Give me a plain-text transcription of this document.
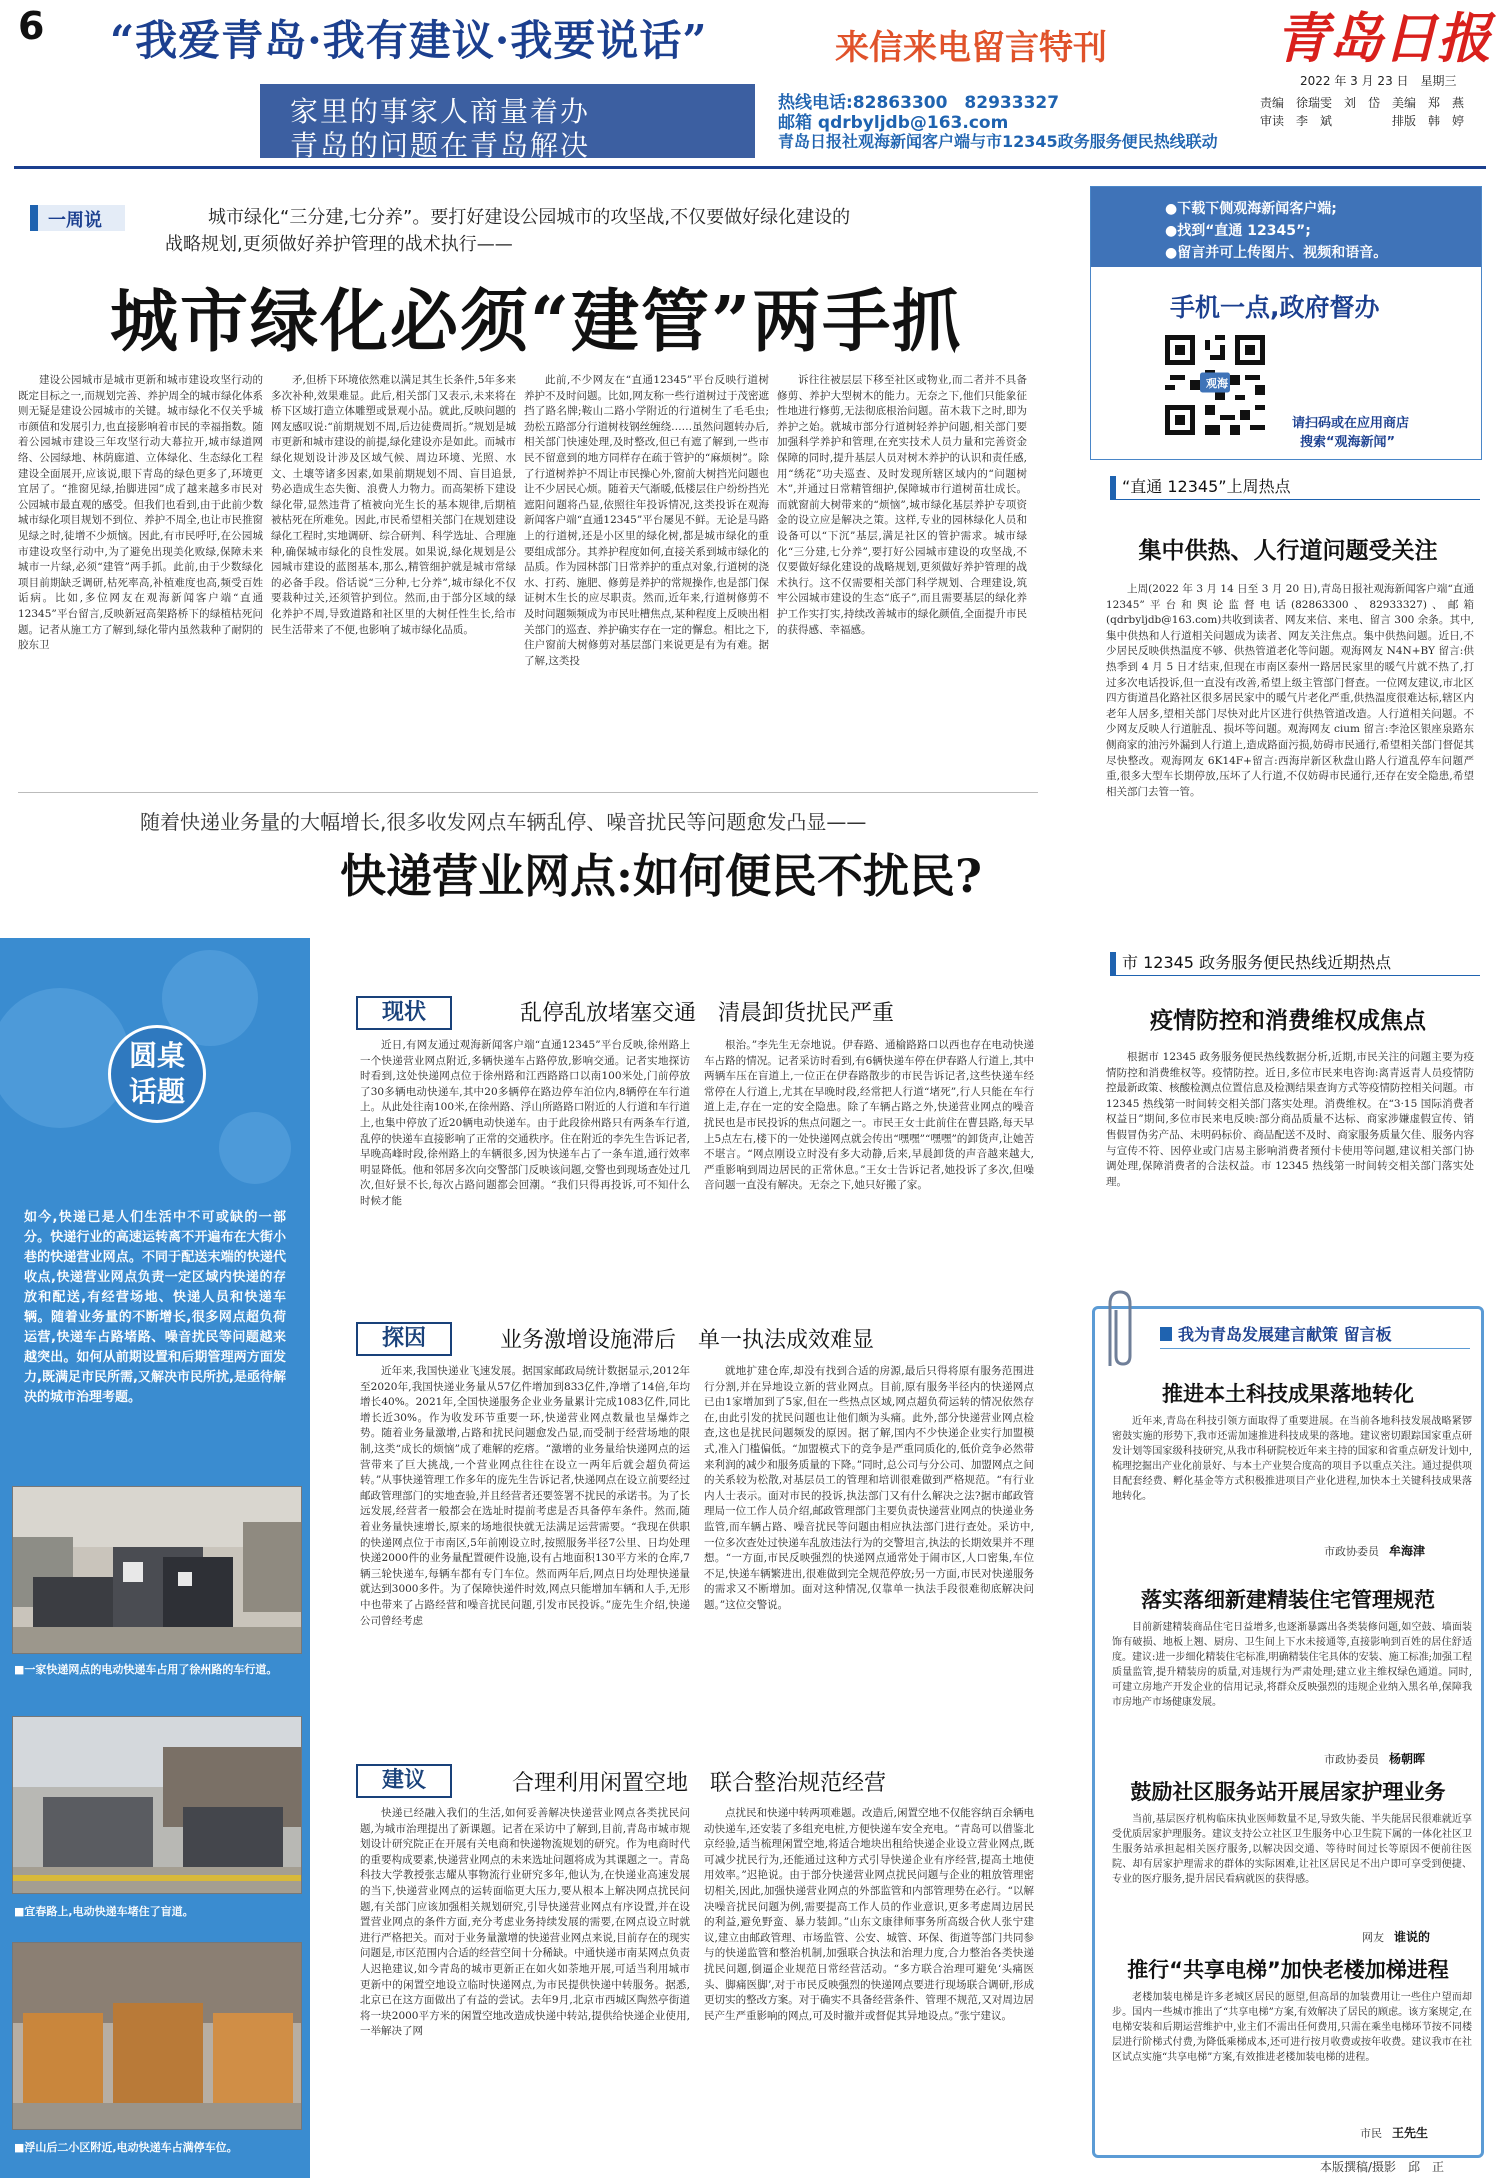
6 “我爱青岛·我有建议·我要说话”	来信来电留言特刊	青岛日报
2022 年 3 月 23 日　星期三
责编　徐瑞雯　刘　岱　美编　郑　燕
审读　李　斌　　　　　排版　韩　婷
家里的事家人商量着办
青岛的问题在青岛解决
热线电话:82863300　82933327
邮箱 qdrbyljdb@163.com
青岛日报社观海新闻客户端与市12345政务服务便民热线联动
一周说	城市绿化“三分建,七分养”。要打好建设公园城市的攻坚战,不仅要做好绿化建设的
战略规划,更须做好养护管理的战术执行——
城市绿化必须“建管”两手抓

建设公园城市是城市更新和城市建设攻坚行动的既定目标之一,而规划完善、养护周全的城市绿化体系则无疑是建设公园城市的关键。城市绿化不仅关乎城市颜值和发展引力,也直接影响着市民的幸福指数。随着公园城市建设三年攻坚行动大幕拉开,城市绿道网络、公园绿地、林荫廊道、立体绿化、生态绿化工程建设全面展开,应该说,眼下青岛的绿色更多了,环境更宜居了。“推窗见绿,抬脚进园”成了越来越多市民对公园城市最直观的感受。但我们也看到,由于此前少数城市绿化项目规划不到位、养护不周全,也让市民推窗见绿之时,徒增不少烦恼。因此,有市民呼吁,在公园城市建设攻坚行动中,为了避免出现美化败绿,保障未来城市一片绿,必须“建管”两手抓。此前,由于少数绿化项目前期缺乏调研,枯死率高,补植难度也高,频受百姓诟病。比如,多位网友在观海新闻客户端“直通12345”平台留言,反映新冠高架路桥下的绿植枯死问题。记者从施工方了解到,绿化带内虽然栽种了耐阴的胶东卫

矛,但桥下环境依然难以满足其生长条件,5年多来多次补种,效果难显。此后,相关部门又表示,未来将在桥下区域打造立体雕塑或景观小品。就此,反映问题的网友感叹说:“前期规划不周,后边徒费周折。”规划是城市更新和城市建设的前提,绿化建设亦是如此。而城市绿化规划设计涉及区域气候、周边环境、光照、水文、土壤等诸多因素,如果前期规划不周、盲目追景,势必造成生态失衡、浪费人力物力。而高架桥下建设绿化带,显然违背了植被向光生长的基本规律,后期植被枯死在所难免。因此,市民希望相关部门在规划建设绿化工程时,实地调研、综合研判、科学选址、合理施种,确保城市绿化的良性发展。如果说,绿化规划是公园城市建设的蓝图基本,那么,精管细护就是城市常绿的必备手段。俗话说“三分种,七分养”,城市绿化不仅要栽种过关,还须管护到位。然而,由于部分区域的绿化养护不周,导致道路和社区里的大树任性生长,给市民生活带来了不便,也影响了城市绿化品质。

此前,不少网友在“直通12345”平台反映行道树养护不及时问题。比如,网友称一些行道树过于茂密遮挡了路名牌;鞍山二路小学附近的行道树生了毛毛虫;劲松五路部分行道树枝钢丝缠绕……虽然问题转办后,相关部门快速处理,及时整改,但已有遮了解到,一些市民不留意到的地方同样存在疏于管护的“麻烦树”。除了行道树养护不周让市民操心外,窗前大树挡光问题也让不少居民心烦。随着天气渐暖,低楼层住户纷纷挡光遮阳问题将凸显,依照往年投诉情况,这类投诉在观海新闻客户端“直通12345”平台屡见不鲜。无论是马路上的行道树,还是小区里的绿化树,都是城市绿化的重要组成部分。其养护程度如何,直接关系到城市绿化的品质。作为园林部门日常养护的重点对象,行道树的浇水、打药、施肥、修剪是养护的常规操作,也是部门保证树木生长的应尽职责。然而,近年来,行道树修剪不及时问题频频成为市民吐槽焦点,某种程度上反映出相关部门的巡查、养护确实存在一定的懈怠。相比之下,住户窗前大树修剪对基层部门来说更是有为有难。据了解,这类投

诉往往被层层下移至社区或物业,而二者并不具备修剪、养护大型树木的能力。无奈之下,他们只能象征性地进行修剪,无法彻底根治问题。苗木栽下之时,即为养护之始。就城市部分行道树轻养护问题,相关部门要加强科学养护和管理,在充实技术人员力量和完善资金保障的同时,提升基层人员对树木养护的认识和责任感,用“绣花”功夫巡查、及时发现所辖区域内的“问题树木”,并通过日常精管细护,保障城市行道树苗壮成长。而就窗前大树带来的“烦恼”,城市绿化基层养护专项资金的设立应是解决之策。这样,专业的园林绿化人员和设备可以“下沉”基层,满足社区的管护需求。城市绿化“三分建,七分养”,要打好公园城市建设的攻坚战,不仅要做好绿化建设的战略规划,更须做好养护管理的战术执行。这不仅需要相关部门科学规划、合理建设,筑牢公园城市建设的生态“底子”,而且需要基层的绿化养护工作实打实,持续改善城市的绿化颜值,全面提升市民的获得感、幸福感。

●下载下侧观海新闻客户端;
●找到“直通 12345”;
●留言并可上传图片、视频和语音。
手机一点,政府督办
观海
请扫码或在应用商店
搜索“观海新闻”
“直通 12345”上周热点
集中供热、人行道问题受关注

上周(2022 年 3 月 14 日至 3 月 20 日),青岛日报社观海新闻客户端“直通 12345”平台和舆论监督电话(82863300、82933327)、邮箱(qdrbyljdb@163.com)共收到读者、网友来信、来电、留言 300 余条。其中,集中供热和人行道相关问题成为读者、网友关注焦点。集中供热问题。近日,不少居民反映供热温度不够、供热管道老化等问题。观海网友 N4N+BY 留言:供热季到 4 月 5 日才结束,但现在市南区泰州一路居民家里的暖气片就不热了,打过多次电话投诉,但一直没有改善,希望上级主管部门督查。一位网友建议,市北区四方街道昌化路社区很多居民家中的暖气片老化严重,供热温度很难达标,辖区内老年人居多,望相关部门尽快对此片区进行供热管道改造。人行道相关问题。不少网友反映人行道脏乱、损坏等问题。观海网友 cium 留言:李沧区银座泉路东侧商家的油污外漏到人行道上,造成路面污损,妨碍市民通行,希望相关部门督促其尽快整改。观海网友 6K14F+留言:西海岸新区秋盘山路人行道乱停车问题严重,很多大型车长期停放,压坏了人行道,不仅妨碍市民通行,还存在安全隐患,希望相关部门去管一管。

市 12345 政务服务便民热线近期热点
疫情防控和消费维权成焦点

根据市 12345 政务服务便民热线数据分析,近期,市民关注的问题主要为疫情防控和消费维权等。疫情防控。近日,多位市民来电咨询:离青返青人员疫情防控最新政策、核酸检测点位置信息及检测结果查询方式等疫情防控相关问题。市 12345 热线第一时间转交相关部门落实处理。消费维权。在“3·15 国际消费者权益日”期间,多位市民来电反映:部分商品质量不达标、商家涉嫌虚假宣传、销售假冒伪劣产品、未明码标价、商品配送不及时、商家服务质量欠佳、服务内容与宣传不符、因停业或门店易主影响消费者预付卡使用等问题,建议相关部门协调处理,保障消费者的合法权益。市 12345 热线第一时间转交相关部门落实处理。

我为青岛发展建言献策 留言板
推进本土科技成果落地转化

近年来,青岛在科技引领方面取得了重要进展。在当前各地科技发展战略紧锣密鼓实施的形势下,我市还需加速推进科技成果的落地。建议密切跟踪国家重点研发计划等国家级科技研究,从我市科研院校近年来主持的国家和省重点研发计划中,梳理挖掘出产业化前景好、与本土产业契合度高的项目予以重点关注。通过提供项目配套经费、孵化基金等方式积极推进项目产业化进程,加快本土关键科技成果落地转化。

市政协委员 牟海津
落实落细新建精装住宅管理规范

目前新建精装商品住宅日益增多,也逐渐暴露出各类装修问题,如空鼓、墙面装饰有破损、地板上翘、厨房、卫生间上下水未接通等,直接影响到百姓的居住舒适度。建议:进一步细化精装住宅标准,明确精装住宅具体的安装、施工标准;加强工程质量监管,提升精装房的质量,对违规行为严肃处理;建立业主维权绿色通道。同时,可建立房地产开发企业的信用记录,将群众反映强烈的违规企业纳入黑名单,保障我市房地产市场健康发展。

市政协委员 杨朝晖
鼓励社区服务站开展居家护理业务

当前,基层医疗机构临床执业医师数量不足,导致失能、半失能居民很难就近享受优质居家护理服务。建议支持公立社区卫生服务中心卫生院下属的一体化社区卫生服务站承担起相关医疗服务,以解决因交通、等待时间过长等原因不便前往医院、却有居家护理需求的群体的实际困难,让社区居民足不出户即可享受到便捷、专业的医疗服务,提升居民看病就医的获得感。

网友 谁说的
推行“共享电梯”加快老楼加梯进程

老楼加装电梯是许多老城区居民的愿望,但高昂的加装费用让一些住户望而却步。国内一些城市推出了“共享电梯”方案,有效解决了居民的顾虑。该方案规定,在电梯安装和后期运营维护中,业主们不需出任何费用,只需在乘坐电梯环节按不同楼层进行阶梯式付费,为降低乘梯成本,还可进行按月收费或按年收费。建议我市在社区试点实施“共享电梯”方案,有效推进老楼加装电梯的进程。

市民 王先生
随着快递业务量的大幅增长,很多收发网点车辆乱停、噪音扰民等问题愈发凸显——
快递营业网点:如何便民不扰民?
圆桌
话题
如今,快递已是人们生活中不可或缺的一部分。快递行业的高速运转离不开遍布在大街小巷的快递营业网点。不同于配送末端的快递代收点,快递营业网点负责一定区域内快递的存放和配送,有经营场地、快递人员和快递车辆。随着业务量的不断增长,很多网点超负荷运营,快递车占路堵路、噪音扰民等问题越来越突出。如何从前期设置和后期管理两方面发力,既满足市民所需,又解决市民所扰,是亟待解决的城市治理考题。
■一家快递网点的电动快递车占用了徐州路的车行道。
■宜春路上,电动快递车堵住了盲道。
■浮山后二小区附近,电动快递车占满停车位。
现状	乱停乱放堵塞交通　清晨卸货扰民严重

近日,有网友通过观海新闻客户端“直通12345”平台反映,徐州路上一个快递营业网点附近,多辆快递车占路停放,影响交通。记者实地探访时看到,这处快递网点位于徐州路和江西路路口以南100米处,门前停放了30多辆电动快递车,其中20多辆停在路边停车泊位内,8辆停在车行道上。从此处往南100米,在徐州路、浮山所路路口附近的人行道和车行道上,也集中停放了近20辆电动快递车。由于此段徐州路只有两条车行道,乱停的快递车直接影响了正常的交通秩序。住在附近的李先生告诉记者,早晚高峰时段,徐州路上的车辆很多,因为快递车占了一条车道,通行效率明显降低。他和邻居多次向交警部门反映该问题,交警也到现场查处过几次,但好景不长,每次占路问题都会回潮。“我们只得再投诉,可不知什么时候才能

根治。”李先生无奈地说。伊春路、通榆路路口以西也存在电动快递车占路的情况。记者采访时看到,有6辆快递车停在伊春路人行道上,其中两辆车压在盲道上,一位正在伊春路散步的市民告诉记者,这些快递车经常停在人行道上,尤其在早晚时段,经常把人行道“堵死”,行人只能在车行道上走,存在一定的安全隐患。除了车辆占路之外,快递营业网点的噪音扰民也是市民投诉的焦点问题之一。市民王女士此前住在曹县路,每天早上5点左右,楼下的一处快递网点就会传出“嘿嘿”“嘿嘿”的卸货声,让她苦不堪言。“网点刚设立时没有多大动静,后来,早晨卸货的声音越来越大,严重影响到周边居民的正常休息。”王女士告诉记者,她投诉了多次,但噪音问题一直没有解决。无奈之下,她只好搬了家。

探因	业务激增设施滞后　单一执法成效难显

近年来,我国快递业飞速发展。据国家邮政局统计数据显示,2012年至2020年,我国快递业务量从57亿件增加到833亿件,净增了14倍,年均增长40%。2021年,全国快递服务企业业务量累计完成1083亿件,同比增长近30%。作为收发环节重要一环,快递营业网点数量也呈爆炸之势。随着业务量激增,占路和扰民问题愈发凸显,而受制于经营场地的限制,这类“成长的烦恼”成了难解的疙瘩。“激增的业务量给快递网点的运营带来了巨大挑战,一个营业网点往往在设立一两年后就会超负荷运转。”从事快递管理工作多年的庞先生告诉记者,快递网点在设立前要经过邮政管理部门的实地查验,并且经营者还要签署不扰民的承诺书。为了长远发展,经营者一般都会在选址时提前考虑是否具备停车条件。然而,随着业务量快速增长,原来的场地很快就无法满足运营需要。“我现在供职的快递网点位于市南区,5年前刚设立时,按照服务半径7公里、日均处理快递2000件的业务量配置硬件设施,设有占地面积130平方米的仓库,7辆三轮快递车,每辆车都有专门车位。然而两年后,网点日均处理快递量就达到3000多件。为了保障快递件时效,网点只能增加车辆和人手,无形中也带来了占路经营和噪音扰民问题,引发市民投诉。”庞先生介绍,快递公司曾经考虑

就地扩建仓库,却没有找到合适的房源,最后只得将原有服务范围进行分割,并在异地设立新的营业网点。目前,原有服务半径内的快递网点已由1家增加到了5家,但在一些热点区域,网点超负荷运转的情况依然存在,由此引发的扰民问题也让他们颇为头痛。此外,部分快递营业网点检查,这也是扰民问题频发的原因。据了解,国内不少快递企业实行加盟模式,准入门槛偏低。“加盟模式下的竞争是严重同质化的,低价竞争必然带来利润的减少和服务质量的下降。”同时,总公司与分公司、加盟网点之间的关系较为松散,对基层员工的管理和培训很难做到严格规范。“有行业内人士表示。面对市民的投诉,执法部门又有什么解决之法?据市邮政管理局一位工作人员介绍,邮政管理部门主要负责快递营业网点的快递业务监管,而车辆占路、噪音扰民等问题由相应执法部门进行查处。采访中,一位多次查处过快递车乱放违法行为的交警坦言,执法的长期效果并不理想。“一方面,市民反映强烈的快递网点通常处于闹市区,人口密集,车位不足,快递车辆繁进出,很难做到完全规范停放;另一方面,市民对快递服务的需求又不断增加。面对这种情况,仅靠单一执法手段很难彻底解决问题。”这位交警说。

建议	合理利用闲置空地　联合整治规范经营

快递已经融入我们的生活,如何妥善解决快递营业网点各类扰民问题,为城市治理提出了新课题。记者在采访中了解到,目前,青岛市城市规划设计研究院正在开展有关电商和快递物流规划的研究。作为电商时代的重要构成要素,快递营业网点的未来选址问题将成为其课题之一。青岛科技大学教授张志耀从事物流行业研究多年,他认为,在快递业高速发展的当下,快递营业网点的运转面临更大压力,要从根本上解决网点扰民问题,有关部门应该加强相关规划研究,引导快递营业网点有序设置,并在设置营业网点的条件方面,充分考虑业务持续发展的需要,在网点设立时就进行严格把关。而对于业务量激增的快递营业网点来说,目前存在的现实问题是,市区范围内合适的经营空间十分稀缺。中通快递市南某网点负责人迟艳建议,如今青岛的城市更新正在如火如荼地开展,可适当利用城市更新中的闲置空地设立临时快递网点,为市民提供快递中转服务。据悉,北京已在这方面做出了有益的尝试。去年9月,北京市西城区陶然亭街道将一块2000平方米的闲置空地改造成快递中转站,提供给快递企业使用,一举解决了网

点扰民和快递中转两项难题。改造后,闲置空地不仅能容纳百余辆电动快递车,还安装了多组充电桩,方便快递车安全充电。“青岛可以借鉴北京经验,适当梳理闲置空地,将适合地块出租给快递企业设立营业网点,既可减少扰民行为,还能通过这种方式引导快递企业有序经营,提高土地使用效率。”迟艳说。由于部分快递营业网点扰民问题与企业的粗放管理密切相关,因此,加强快递营业网点的外部监管和内部管理势在必行。“以解决噪音扰民问题为例,需要提高工作人员的作业意识,更多考虑周边居民的利益,避免野蛮、暴力装卸。”山东文康律师事务所高级合伙人张宁建议,建立由邮政管理、市场监管、公安、城管、环保、街道等部门共同参与的快递监管和整治机制,加强联合执法和治理力度,合力整治各类快递扰民问题,倒逼企业规范日常经营活动。“多方联合治理可避免‘头痛医头、脚痛医脚’,对于市民反映强烈的快递网点要进行现场联合调研,形成更切实的整改方案。对于确实不具备经营条件、管理不规范,又对周边居民产生严重影响的网点,可及时撤并或督促其异地设点。”张宁建议。

本版撰稿/摄影　邱　正
